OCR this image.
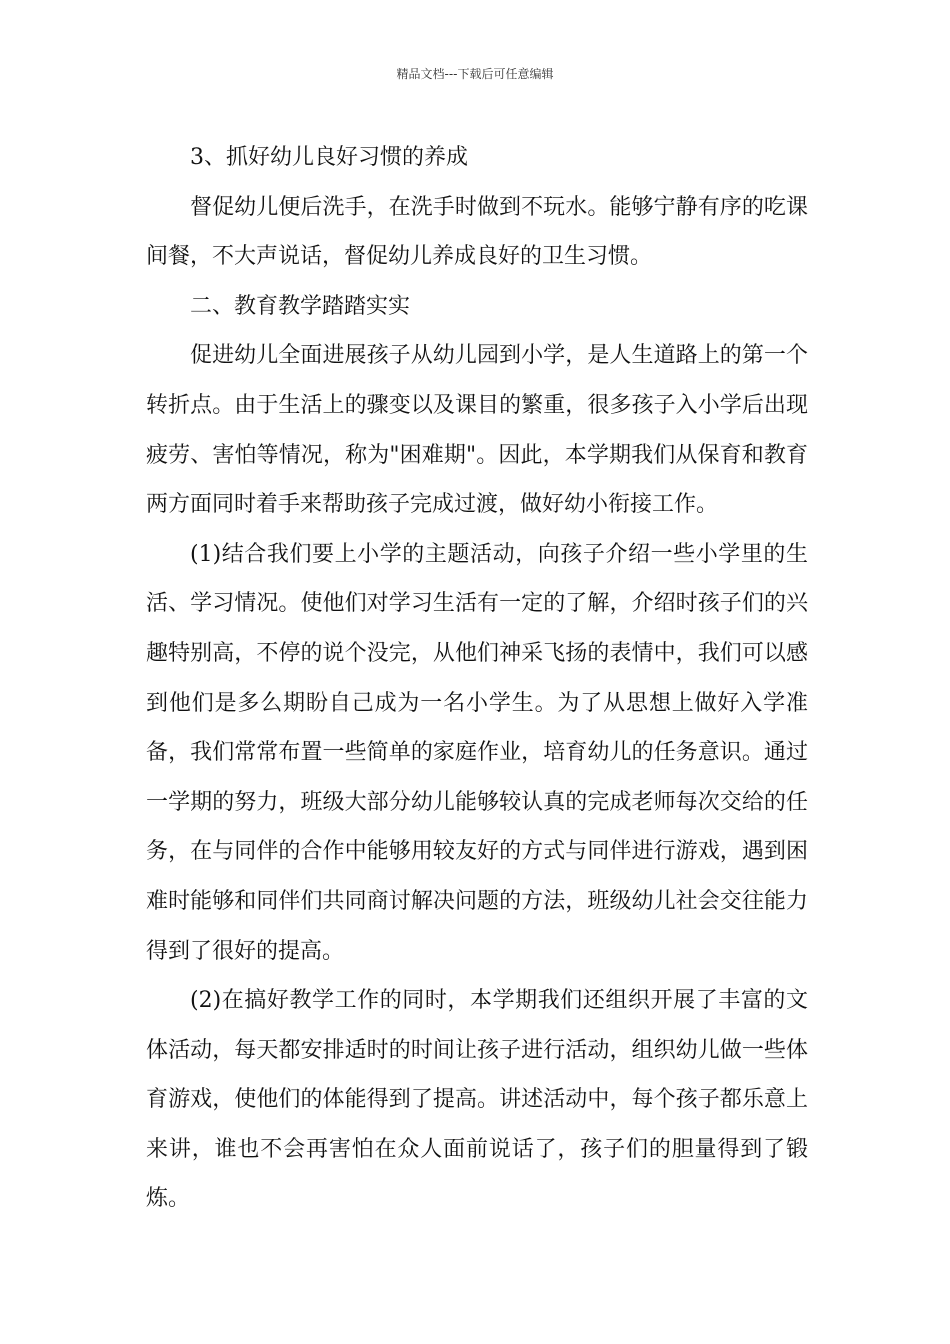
精品文档---下载后可任意编辑

3、抓好幼儿良好习惯的养成

督促幼儿便后洗手，在洗手时做到不玩水。能够宁静有序的吃课间餐，不大声说话，督促幼儿养成良好的卫生习惯。

二、教育教学踏踏实实

促进幼儿全面进展孩子从幼儿园到小学，是人生道路上的第一个转折点。由于生活上的骤变以及课目的繁重，很多孩子入小学后出现疲劳、害怕等情况，称为"困难期"。因此，本学期我们从保育和教育两方面同时着手来帮助孩子完成过渡，做好幼小衔接工作。

(1)结合我们要上小学的主题活动，向孩子介绍一些小学里的生活、学习情况。使他们对学习生活有一定的了解，介绍时孩子们的兴趣特别高，不停的说个没完，从他们神采飞扬的表情中，我们可以感到他们是多么期盼自己成为一名小学生。为了从思想上做好入学准备，我们常常布置一些简单的家庭作业，培育幼儿的任务意识。通过一学期的努力，班级大部分幼儿能够较认真的完成老师每次交给的任务，在与同伴的合作中能够用较友好的方式与同伴进行游戏，遇到困难时能够和同伴们共同商讨解决问题的方法，班级幼儿社会交往能力得到了很好的提高。

(2)在搞好教学工作的同时，本学期我们还组织开展了丰富的文体活动，每天都安排适时的时间让孩子进行活动，组织幼儿做一些体育游戏，使他们的体能得到了提高。讲述活动中，每个孩子都乐意上来讲，谁也不会再害怕在众人面前说话了，孩子们的胆量得到了锻炼。
